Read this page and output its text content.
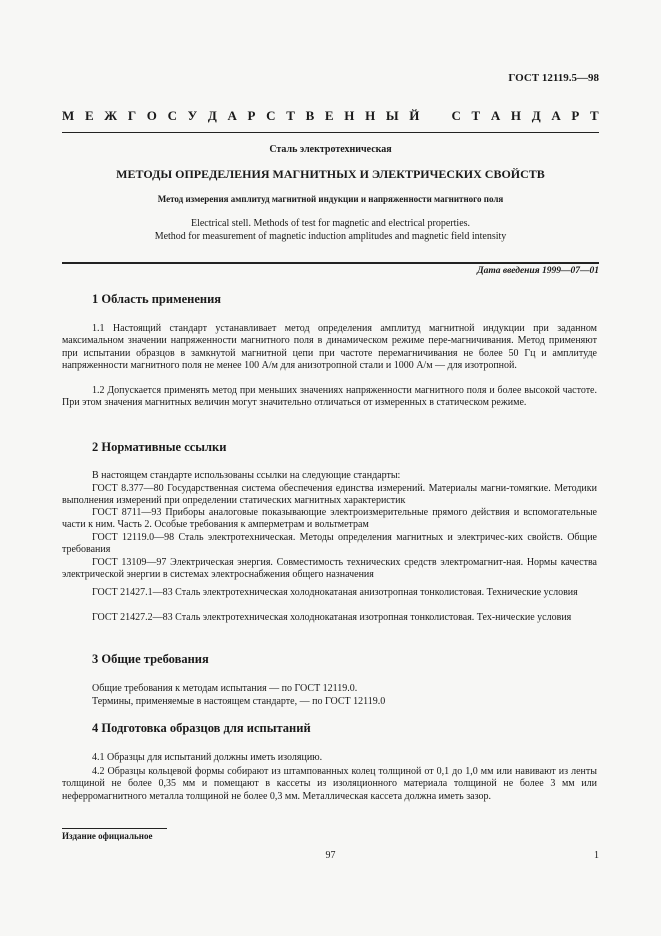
ГОСТ 12119.5—98
М Е Ж Г О С У Д А Р С Т В Е Н Н Ы Й С Т А Н Д А Р Т
Сталь электротехническая
МЕТОДЫ ОПРЕДЕЛЕНИЯ МАГНИТНЫХ И ЭЛЕКТРИЧЕСКИХ СВОЙСТВ
Метод измерения амплитуд магнитной индукции и напряженности магнитного поля
Electrical stell. Methods of test for magnetic and electrical properties.
Method for measurement of magnetic induction amplitudes and magnetic field intensity
Дата введения 1999—07—01
1 Область применения
1.1 Настоящий стандарт устанавливает метод определения амплитуд магнитной индукции при заданном максимальном значении напряженности магнитного поля в динамическом режиме пере-магничивания. Метод применяют при испытании образцов в замкнутой магнитной цепи при частоте перемагничивания не более 50 Гц и амплитуде напряженности магнитного поля не менее 100 А/м для анизотропной стали и 1000 А/м — для изотропной.
1.2 Допускается применять метод при меньших значениях напряженности магнитного поля и более высокой частоте. При этом значения магнитных величин могут значительно отличаться от измеренных в статическом режиме.
2 Нормативные ссылки
В настоящем стандарте использованы ссылки на следующие стандарты:
ГОСТ 8.377—80 Государственная система обеспечения единства измерений. Материалы магни-томягкие. Методики выполнения измерений при определении статических магнитных характеристик
ГОСТ 8711—93 Приборы аналоговые показывающие электроизмерительные прямого действия и вспомогательные части к ним. Часть 2. Особые требования к амперметрам и вольтметрам
ГОСТ 12119.0—98 Сталь электротехническая. Методы определения магнитных и электричес-ких свойств. Общие требования
ГОСТ 13109—97 Электрическая энергия. Совместимость технических средств электромагнит-ная. Нормы качества электрической энергии в системах электроснабжения общего назначения
ГОСТ 21427.1—83 Сталь электротехническая холоднокатаная анизотропная тонколистовая. Технические условия
ГОСТ 21427.2—83 Сталь электротехническая холоднокатаная изотропная тонколистовая. Тех-нические условия
3 Общие требования
Общие требования к методам испытания — по ГОСТ 12119.0.
Термины, применяемые в настоящем стандарте, — по ГОСТ 12119.0
4 Подготовка образцов для испытаний
4.1 Образцы для испытаний должны иметь изоляцию.
4.2 Образцы кольцевой формы собирают из штампованных колец толщиной от 0,1 до 1,0 мм или навивают из ленты толщиной не более 0,35 мм и помещают в кассеты из изоляционного материала толщиной не более 3 мм или неферромагнитного металла толщиной не более 0,3 мм. Металлическая кассета должна иметь зазор.
Издание официальное
97	1
